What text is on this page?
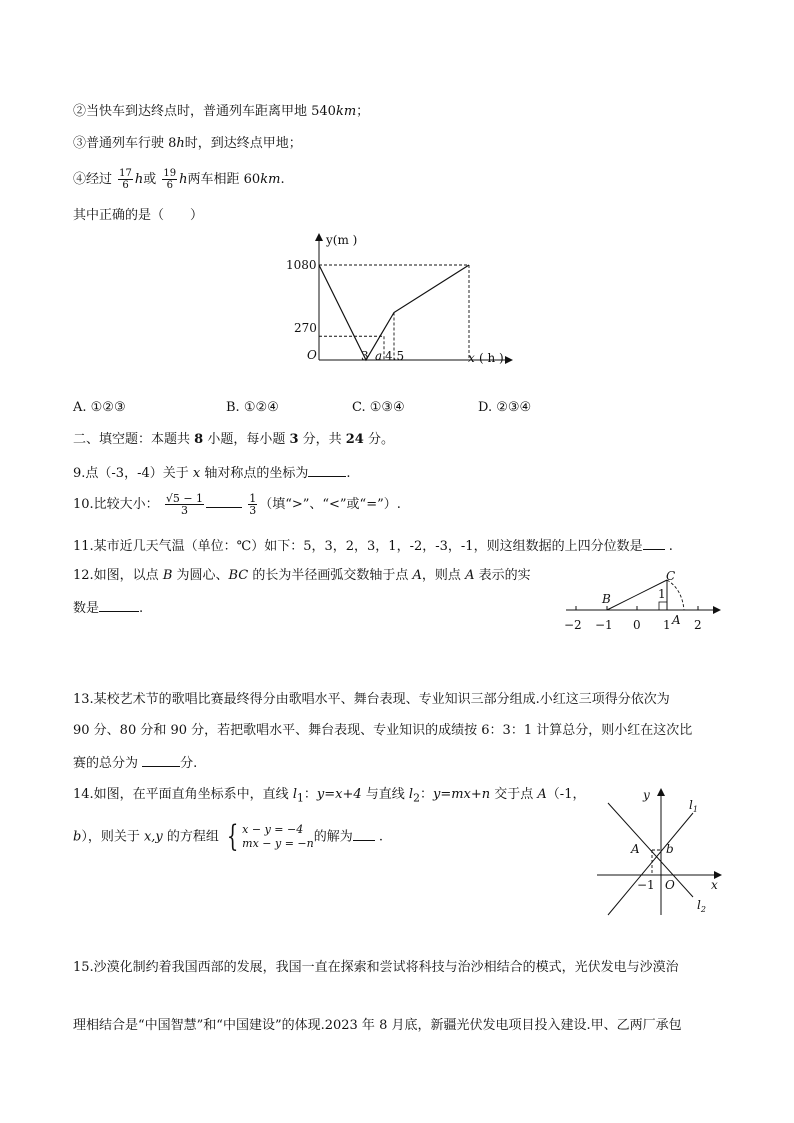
②当快车到达终点时，普通列车距离甲地 540km；
③普通列车行驶 8h时，到达终点甲地；
④经过 $\frac{17}{6}$ h或 $\frac{19}{6}$ h两车相距 60km.
其中正确的是（　　）
y(m )
x ( h )
1080
270
O	3 a 4.5
A. ①②③	B. ①②④	C. ①③④	D. ②③④
二、填空题：本题共 8 小题，每小题 3 分，共 24 分。
9.点（-3，-4）关于 x 轴对称点的坐标为	.
10.比较大小： $\frac{√5 - 1}{3}$
	$\frac{1}{3}$ （填“>”、“<”或“=”）.
11.某市近几天气温（单位：℃）如下：5，3，2，3，1，-2，-3，-1，则这组数据的上四分位数是 .
12.如图，以点 B 为圆心、BC 的长为半径画弧交数轴于点 A，则点 A 表示的实
数是	.
−2 −1 0 1 2
B
C
A
1
13.某校艺术节的歌唱比赛最终得分由歌唱水平、舞台表现、专业知识三部分组成.小红这三项得分依次为
90 分、80 分和 90 分，若把歌唱水平、舞台表现、专业知识的成绩按 6：3：1 计算总分，则小红在这次比
赛的总分为	分.
14.如图，在平面直角坐标系中，直线 $l_1$：y=x+4 与直线 $l_2$：y=mx+n 交于点 A（-1，
b），则关于 x,y 的方程组 { x − y = −4
mx − y = −n 的解为 .
y
x
$l_1$
$l_2$
A b
O
−1
15.沙漠化制约着我国西部的发展，我国一直在探索和尝试将科技与治沙相结合的模式，光伏发电与沙漠治
理相结合是“中国智慧”和“中国建设”的体现.2023 年 8 月底，新疆光伏发电项目投入建设.甲、乙两厂承包
